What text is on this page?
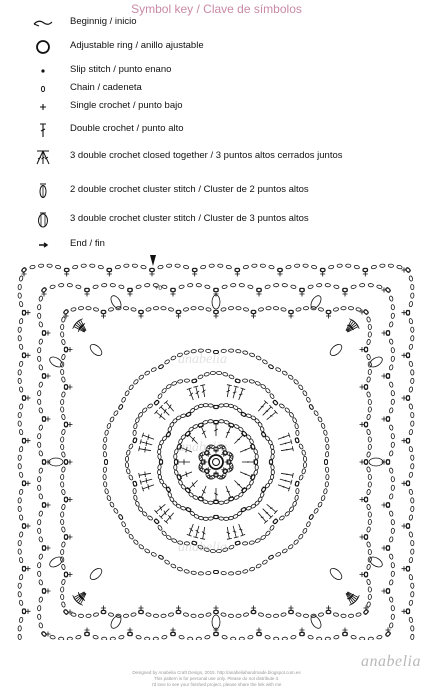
Symbol key / Clave de símbolos
Beginnig / inicio
Adjustable ring / anillo ajustable
Slip stitch / punto enano
Chain / cadeneta
Single crochet / punto bajo
Double crochet / punto alto
3 double crochet closed together / 3 puntos altos cerrados juntos
2 double crochet cluster stitch / Cluster de 2 puntos altos
3 double crochet cluster stitch / Cluster de 3 puntos altos
End / fin
+0
anabelia
anabelia
anabelia
Designed by Anabelia Craft Design, 2015. http://anabeliahandmade.blogspot.com.es
This pattern is for personal use only. Please do not distribute it.
I'd love to see your finished project, please share the link with me
anabelia
